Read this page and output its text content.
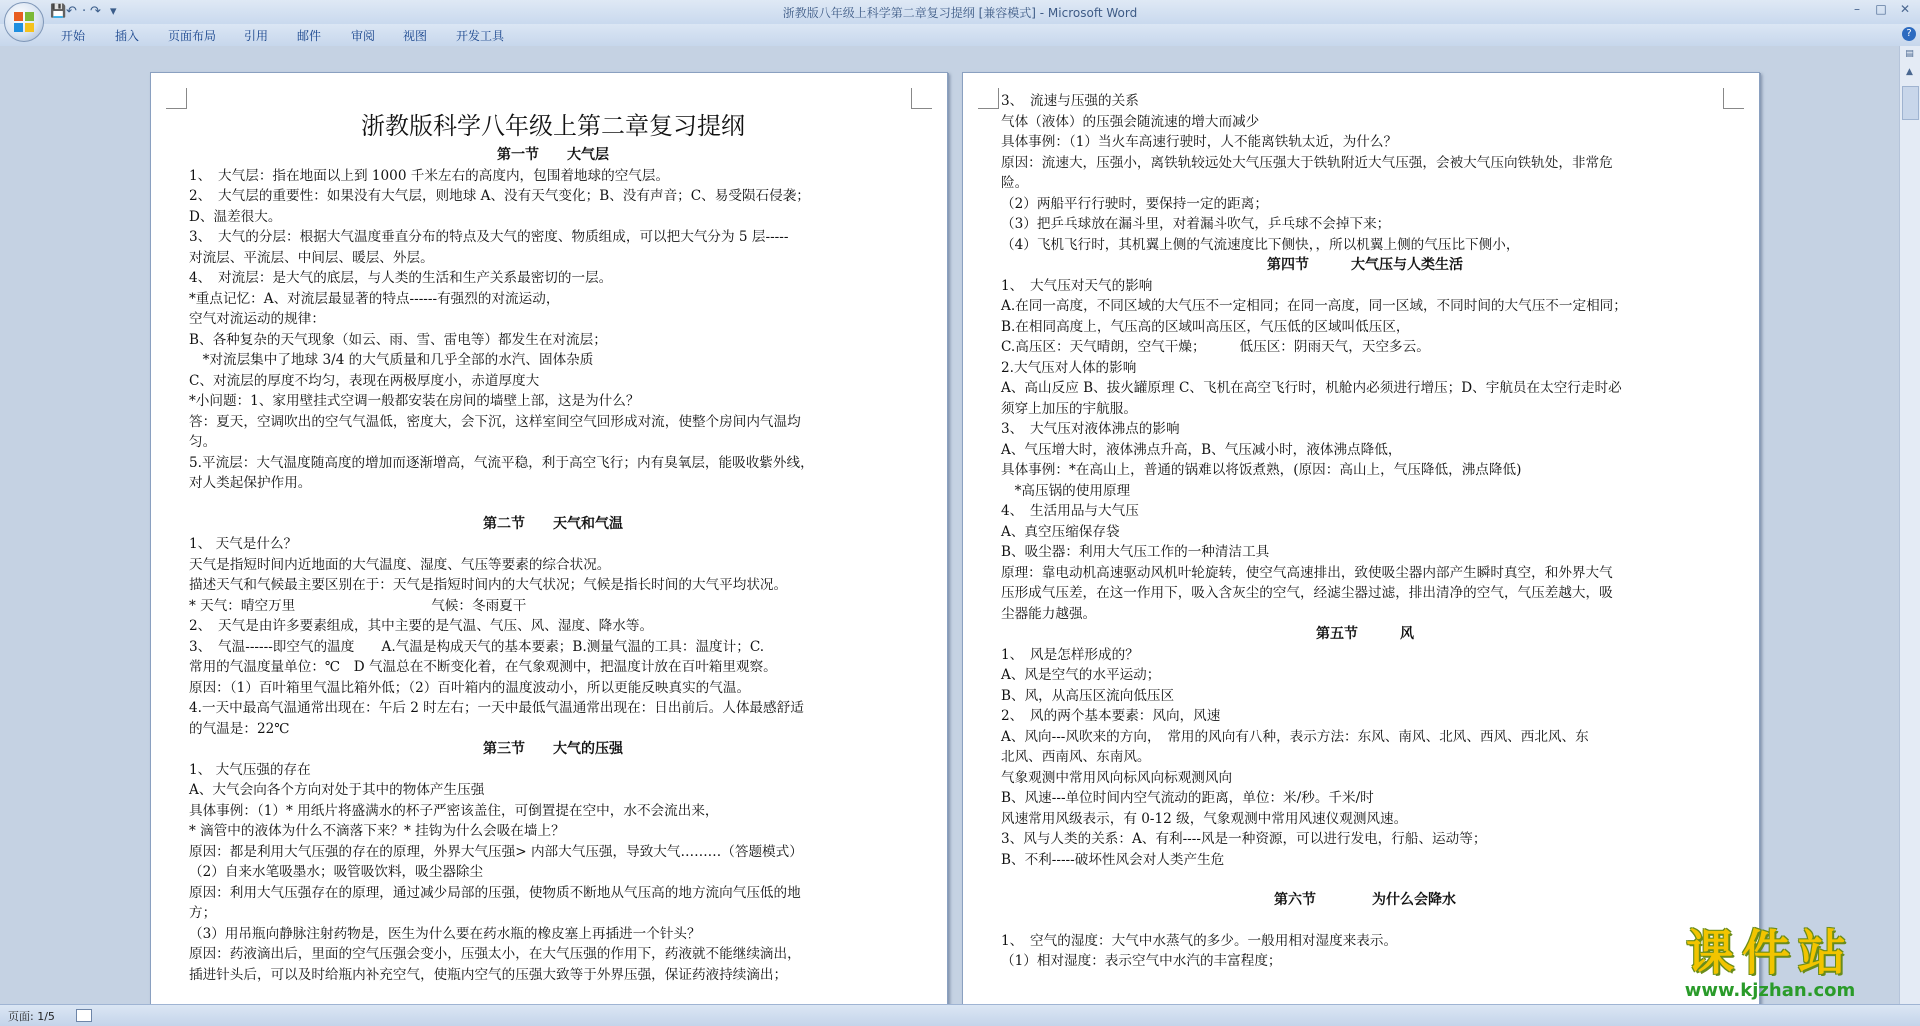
💾 ↶ · ↷ ▾	浙教版八年级上科学第二章复习提纲 [兼容模式] - Microsoft Word	–	□	✕
开始 插入 页面布局 引用 邮件 审阅 视图 开发工具	?

浙教版科学八年级上第二章复习提纲

第一节　　大气层

1、　大气层：指在地面以上到 1000 千米左右的高度内，包围着地球的空气层。

2、　大气层的重要性：如果没有大气层，则地球 A、没有天气变化；B、没有声音；C、易受陨石侵袭；

D、温差很大。

3、　大气的分层：根据大气温度垂直分布的特点及大气的密度、物质组成，可以把大气分为 5 层-----

对流层、平流层、中间层、暖层、外层。

4、　对流层：是大气的底层，与人类的生活和生产关系最密切的一层。

*重点记忆：A、对流层最显著的特点------有强烈的对流运动，

空气对流运动的规律：

B、各种复杂的天气现象（如云、雨、雪、雷电等）都发生在对流层；

　*对流层集中了地球 3/4 的大气质量和几乎全部的水汽、固体杂质

C、对流层的厚度不均匀，表现在两极厚度小，赤道厚度大

*小问题：1、家用壁挂式空调一般都安装在房间的墙壁上部，这是为什么？

答：夏天，空调吹出的空气气温低，密度大，会下沉，这样室间空气回形成对流，使整个房间内气温均

匀。

5.平流层：大气温度随高度的增加而逐渐增高，气流平稳，利于高空飞行；内有臭氧层，能吸收紫外线，

对人类起保护作用。

第二节　　天气和气温

1、 天气是什么？

天气是指短时间内近地面的大气温度、湿度、气压等要素的综合状况。

描述天气和气候最主要区别在于：天气是指短时间内的大气状况；气候是指长时间的大气平均状况。

* 天气：晴空万里　　　　　　　　　　气候：冬雨夏干

2、　天气是由许多要素组成，其中主要的是气温、气压、风、湿度、降水等。

3、　气温------即空气的温度　　A.气温是构成天气的基本要素；B.测量气温的工具：温度计；C.

常用的气温度量单位：℃　D 气温总在不断变化着，在气象观测中，把温度计放在百叶箱里观察。

原因：（1）百叶箱里气温比箱外低；（2）百叶箱内的温度波动小，所以更能反映真实的气温。

4.一天中最高气温通常出现在：午后 2 时左右；一天中最低气温通常出现在：日出前后。人体最感舒适

的气温是：22℃

第三节　　大气的压强

1、 大气压强的存在

A、大气会向各个方向对处于其中的物体产生压强

具体事例：（1）* 用纸片将盛满水的杯子严密该盖住，可倒置提在空中，水不会流出来，

* 滴管中的液体为什么不滴落下来？* 挂钩为什么会吸在墙上？

原因：都是利用大气压强的存在的原理，外界大气压强> 内部大气压强，导致大气………（答题模式）

（2）自来水笔吸墨水；吸管吸饮料，吸尘器除尘

原因：利用大气压强存在的原理，通过减少局部的压强，使物质不断地从气压高的地方流向气压低的地

方；

（3）用吊瓶向静脉注射药物是，医生为什么要在药水瓶的橡皮塞上再插进一个针头？

原因：药液滴出后，里面的空气压强会变小，压强太小，在大气压强的作用下，药液就不能继续滴出，

插进针头后，可以及时给瓶内补充空气，使瓶内空气的压强大致等于外界压强，保证药液持续滴出；

3、　流速与压强的关系

气体（液体）的压强会随流速的增大而减少

具体事例：（1）当火车高速行驶时，人不能离铁轨太近，为什么？

原因：流速大，压强小，离铁轨较远处大气压强大于铁轨附近大气压强，会被大气压向铁轨处，非常危

险。

（2）两船平行行驶时，要保持一定的距离；

（3）把乒乓球放在漏斗里，对着漏斗吹气，乒乓球不会掉下来；

（4）飞机飞行时，其机翼上侧的气流速度比下侧快，，所以机翼上侧的气压比下侧小，

第四节　　　大气压与人类生活

1、　大气压对天气的影响

A.在同一高度，不同区域的大气压不一定相同；在同一高度，同一区域，不同时间的大气压不一定相同；

B.在相同高度上，气压高的区域叫高压区，气压低的区域叫低压区，

C.高压区：天气晴朗，空气干燥；　　　低压区：阴雨天气，天空多云。

2.大气压对人体的影响

A、高山反应 B、拔火罐原理 C、飞机在高空飞行时，机舱内必须进行增压；D、宇航员在太空行走时必

须穿上加压的宇航服。

3、　大气压对液体沸点的影响

A、气压增大时，液体沸点升高，B、气压减小时，液体沸点降低，

具体事例：*在高山上，普通的锅难以将饭煮熟，(原因：高山上，气压降低，沸点降低)

　*高压锅的使用原理

4、　生活用品与大气压

A、真空压缩保存袋

B、吸尘器：利用大气压工作的一种清洁工具

原理：靠电动机高速驱动风机叶轮旋转，使空气高速排出，致使吸尘器内部产生瞬时真空，和外界大气

压形成气压差，在这一作用下，吸入含灰尘的空气，经滤尘器过滤，排出清净的空气，气压差越大，吸

尘器能力越强。

第五节　　　风

1、　风是怎样形成的？

A、风是空气的水平运动；

B、风，从高压区流向低压区

2、　风的两个基本要素：风向，风速

A、风向---风吹来的方向，　常用的风向有八种，表示方法：东风、南风、北风、西风、西北风、东

北风、西南风、东南风。

气象观测中常用风向标风向标观测风向

B、风速---单位时间内空气流动的距离，单位：米/秒。千米/时

风速常用风级表示，有 0-12 级，气象观测中常用风速仪观测风速。

3、风与人类的关系：A、有利----风是一种资源，可以进行发电，行船、运动等；

B、不利-----破坏性风会对人类产生危

第六节　　　　为什么会降水

1、　空气的湿度：大气中水蒸气的多少。一般用相对湿度来表示。

（1）相对湿度：表示空气中水汽的丰富程度；

▤
▲
课件站
www.kjzhan.com
页面: 1/5
